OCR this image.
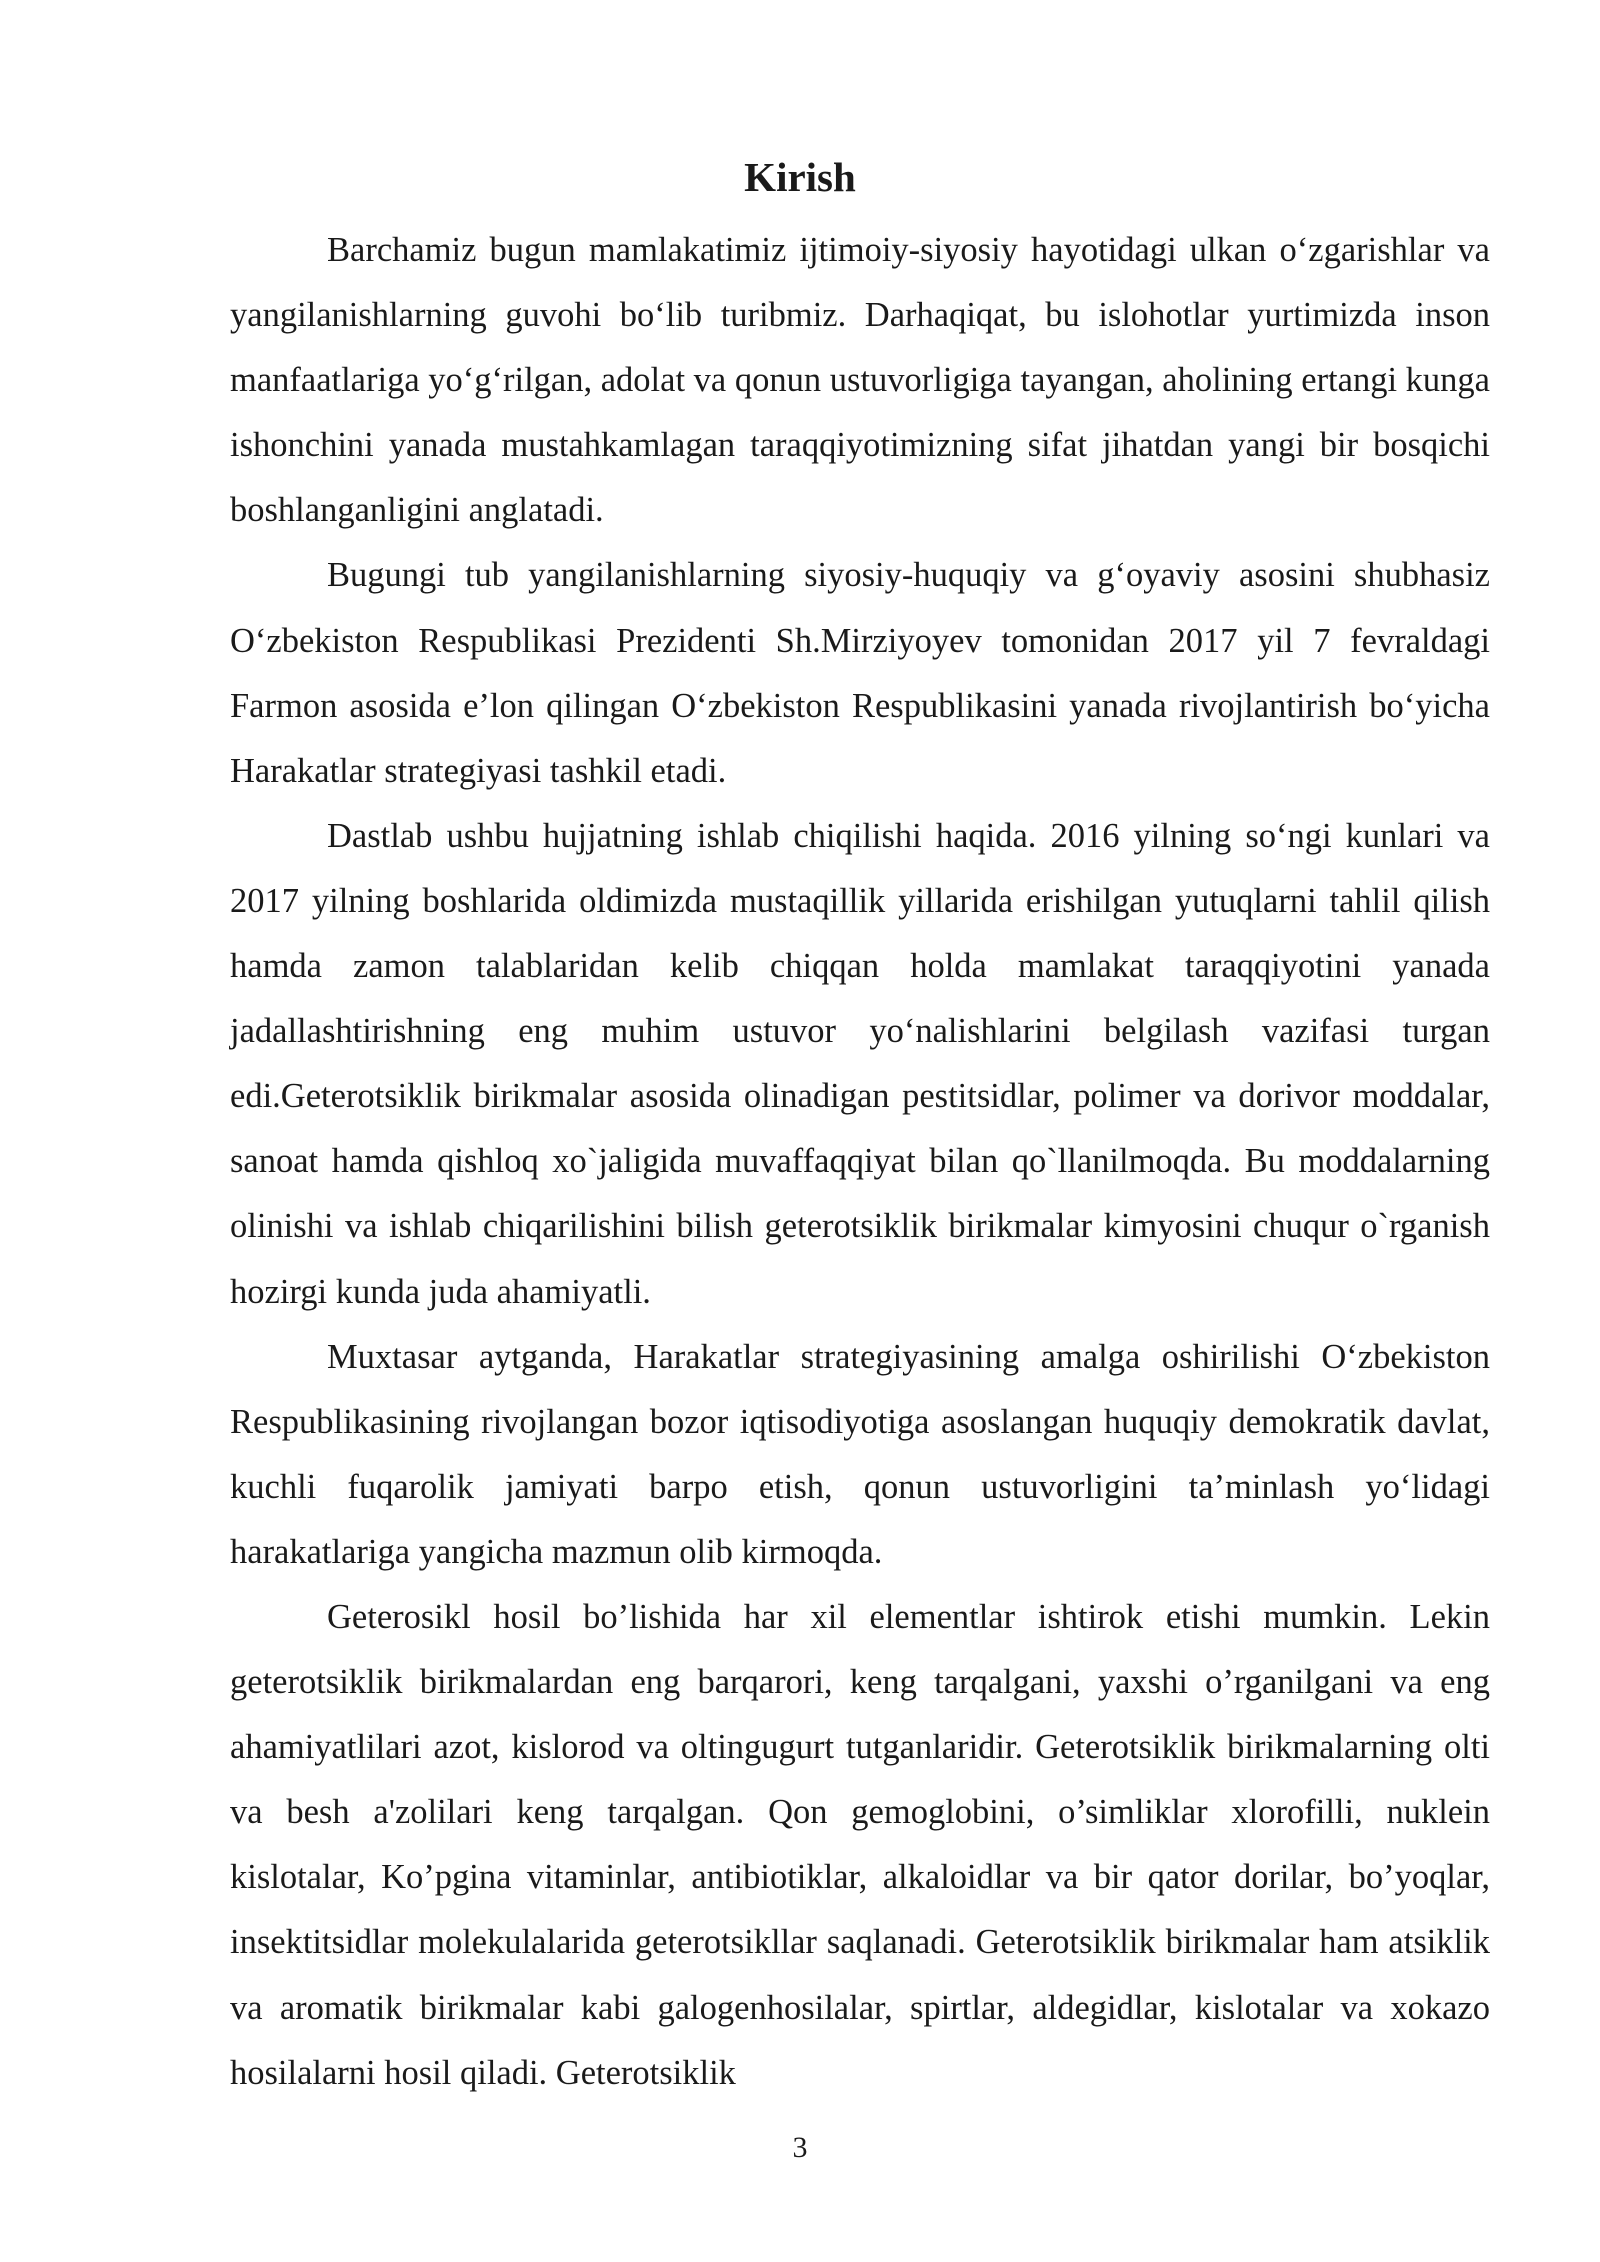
Kirish

Barchamiz bugun mamlakatimiz ijtimoiy-siyosiy hayotidagi ulkan o‘zgarishlar va yangilanishlarning guvohi bo‘lib turibmiz. Darhaqiqat, bu islohotlar yurtimizda inson manfaatlariga yo‘g‘rilgan, adolat va qonun ustuvorligiga tayangan, aholining ertangi kunga ishonchini yanada mustahkamlagan taraqqiyotimizning sifat jihatdan yangi bir bosqichi boshlanganligini anglatadi.

Bugungi tub yangilanishlarning siyosiy-huquqiy va g‘oyaviy asosini shubhasiz O‘zbekiston Respublikasi Prezidenti Sh.Mirziyoyev tomonidan 2017 yil 7 fevraldagi Farmon asosida e’lon qilingan O‘zbekiston Respublikasini yanada rivojlantirish bo‘yicha Harakatlar strategiyasi tashkil etadi.

Dastlab ushbu hujjatning ishlab chiqilishi haqida. 2016 yilning so‘ngi kunlari va 2017 yilning boshlarida oldimizda mustaqillik yillarida erishilgan yutuqlarni tahlil qilish hamda zamon talablaridan kelib chiqqan holda mamlakat taraqqiyotini yanada jadallashtirishning eng muhim ustuvor yo‘nalishlarini belgilash vazifasi turgan edi.Geterotsiklik birikmalar asosida olinadigan pestitsidlar, polimer va dorivor moddalar, sanoat hamda qishloq xo`jaligida muvaffaqqiyat bilan qo`llanilmoqda. Bu moddalarning olinishi va ishlab chiqarilishini bilish geterotsiklik birikmalar kimyosini chuqur o`rganish hozirgi kunda juda ahamiyatli.

Muxtasar aytganda, Harakatlar strategiyasining amalga oshirilishi O‘zbekiston Respublikasining rivojlangan bozor iqtisodiyotiga asoslangan huquqiy demokratik davlat, kuchli fuqarolik jamiyati barpo etish, qonun ustuvorligini ta’minlash yo‘lidagi harakatlariga yangicha mazmun olib kirmoqda.

Geterosikl hosil bo’lishida har xil elementlar ishtirok etishi mumkin. Lekin geterotsiklik birikmalardan eng barqarori, keng tarqalgani, yaxshi o’rganilgani va eng ahamiyatlilari azot, kislorod va oltingugurt tutganlaridir. Geterotsiklik birikmalarning olti va besh a'zolilari keng tarqalgan. Qon gemoglobini, o’simliklar xlorofilli, nuklein kislotalar, Ko’pgina vitaminlar, antibiotiklar, alkaloidlar va bir qator dorilar, bo’yoqlar, insektitsidlar molekulalarida geterotsikllar saqlanadi. Geterotsiklik birikmalar ham atsiklik va aromatik birikmalar kabi galogenhosilalar, spirtlar, aldegidlar, kislotalar va xokazo hosilalarni hosil qiladi. Geterotsiklik

3
